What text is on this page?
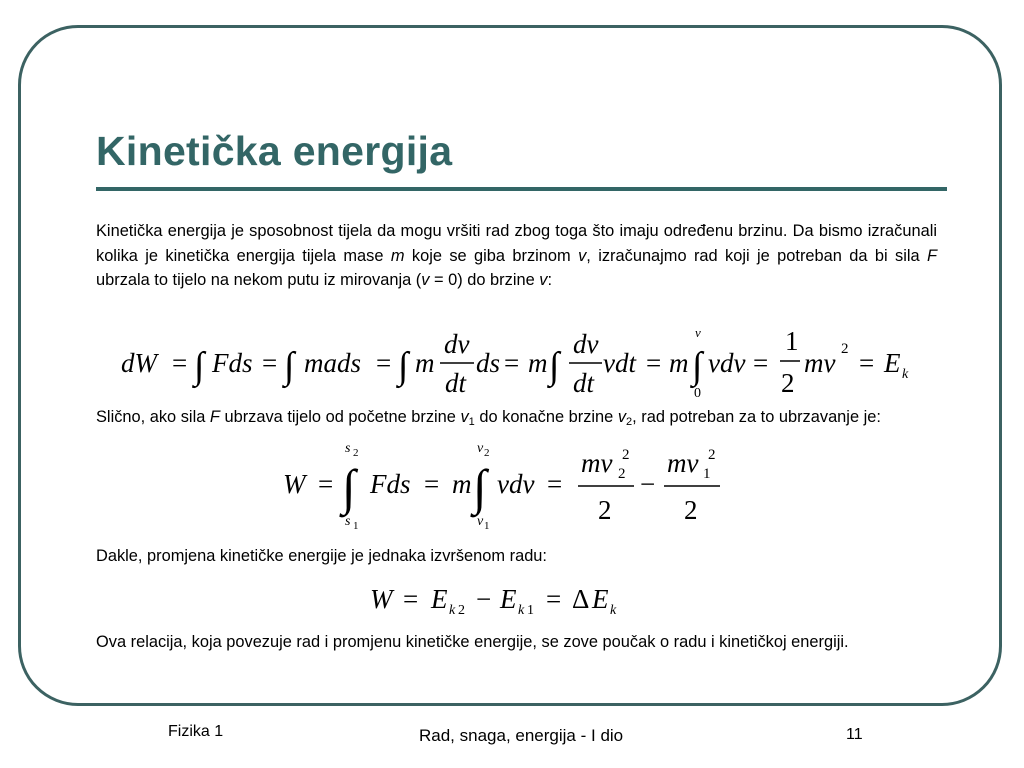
Kinetička energija
Kinetička energija je sposobnost tijela da mogu vršiti rad zbog toga što imaju određenu brzinu. Da bismo izračunali kolika je kinetička energija tijela mase m koje se giba brzinom v, izračunajmo rad koji je potreban da bi sila F ubrzala to tijelo na nekom putu iz mirovanja (v = 0) do brzine v:
dW = ∫ Fds = ∫ mads = ∫ m
dv
dt
ds = m ∫
dv
dt
vdt = m ∫
v
0
vdv =
1
2
mv 2 = E k
Slično, ako sila F ubrzava tijelo od početne brzine $v_1$ do konačne brzine $v_2$, rad potreban za to ubrzavanje je:
W = ∫
s 2
s 1
Fds = m ∫
v 2
v 1
vdv =
mv 2
2
2
−
mv 2
1
2
Dakle, promjena kinetičke energije je jednaka izvršenom radu:
W = E k 2 − E k 1 = Δ E k
Ova relacija, koja povezuje rad i promjenu kinetičke energije, se zove poučak o radu i kinetičkoj energiji.
Fizika 1	Rad, snaga, energija - I dio	11
